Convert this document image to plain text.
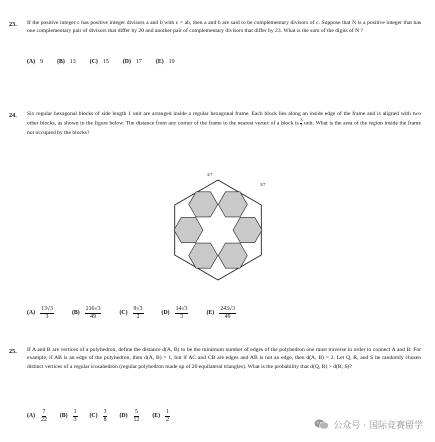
23. If the positive integer c has positive integer divisors a and b with c = ab, then a and b are said to be complementary divisors of c. Suppose that N is a positive integer that has one complementary pair of divisors that differ by 20 and another pair of complementary divisors that differ by 23. What is the sum of the digits of N ?
(A) 9 (B) 13 (C) 15 (D) 17 (E) 19
24. Six regular hexagonal blocks of side length 1 unit are arranged inside a regular hexagonal frame. Each block lies along an inside edge of the frame and is aligned with two other blocks, as shown in the figure below. The distance from any corner of the frame to the nearest vertex of a block is $\frac{3}{7}$ unit. What is the area of the region inside the frame not occupied by the blocks?
3/7
3/7
$(A) \frac{13√3}{3}$	$(B) \frac{216√3}{49}$	$(C) \frac{9√3}{2}$	$(D) \frac{14√3}{3}$	$(E) \frac{243√3}{49}$
25. If A and B are vertices of a polyhedron, define the distance d(A, B) to be the minimum number of edges of the polyhedron one must traverse in order to connect A and B. For example, if AB is an edge of the polyhedron, then d(A, B) = 1, but if AC and CB are edges and AB is not an edge, then d(A, B) = 2. Let Q, R, and S be randomly chosen distinct vertices of a regular icosahedron (regular polyhedron made up of 20 equilateral triangles). What is the probability that d(Q, R) > d(R, S)?
$(A) \frac{7}{22} (B) \frac{1}{3} (C) \frac{3}{8} (D) \frac{5}{12} (E) \frac{1}{2}$
公众号 · 国际竞赛留学
